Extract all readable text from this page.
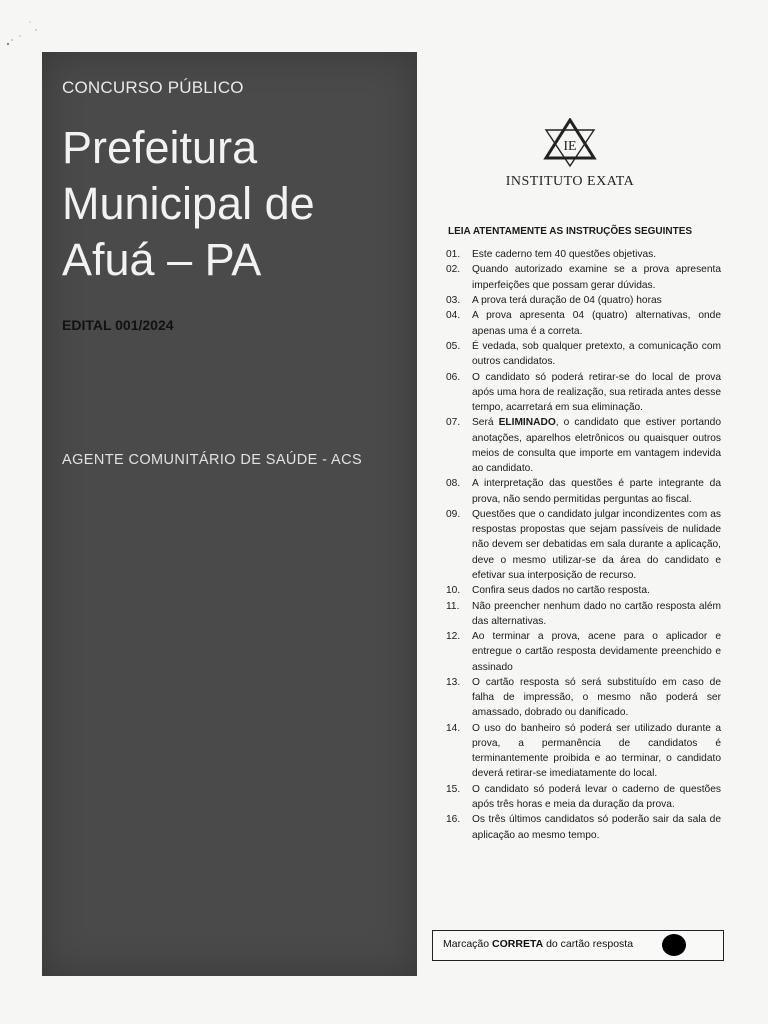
CONCURSO PÚBLICO
Prefeitura
Municipal de
Afuá – PA
EDITAL 001/2024
AGENTE COMUNITÁRIO DE SAÚDE - ACS
IE
INSTITUTO EXATA
LEIA ATENTAMENTE AS INSTRUÇÕES SEGUINTES
01.	Este caderno tem 40 questões objetivas.
02.	Quando autorizado examine se a prova apresenta imperfeições que possam gerar dúvidas.
03.	A prova terá duração de 04 (quatro) horas
04.	A prova apresenta 04 (quatro) alternativas, onde apenas uma é a correta.
05.	É vedada, sob qualquer pretexto, a comunicação com outros candidatos.
06.	O candidato só poderá retirar-se do local de prova após uma hora de realização, sua retirada antes desse tempo, acarretará em sua eliminação.
07.	Será ELIMINADO, o candidato que estiver portando anotações, aparelhos eletrônicos ou quaisquer outros meios de consulta que importe em vantagem indevida ao candidato.
08.	A interpretação das questões é parte integrante da prova, não sendo permitidas perguntas ao fiscal.
09.	Questões que o candidato julgar incondizentes com as respostas propostas que sejam passíveis de nulidade não devem ser debatidas em sala durante a aplicação, deve o mesmo utilizar-se da área do candidato e efetivar sua interposição de recurso.
10.	Confira seus dados no cartão resposta.
11.	Não preencher nenhum dado no cartão resposta além das alternativas.
12.	Ao terminar a prova, acene para o aplicador e entregue o cartão resposta devidamente preenchido e assinado
13.	O cartão resposta só será substituído em caso de falha de impressão, o mesmo não poderá ser amassado, dobrado ou danificado.
14.	O uso do banheiro só poderá ser utilizado durante a prova, a permanência de candidatos é terminantemente proibida e ao terminar, o candidato deverá retirar-se imediatamente do local.
15.	O candidato só poderá levar o caderno de questões após três horas e meia da duração da prova.
16.	Os três últimos candidatos só poderão sair da sala de aplicação ao mesmo tempo.
Marcação CORRETA do cartão resposta
